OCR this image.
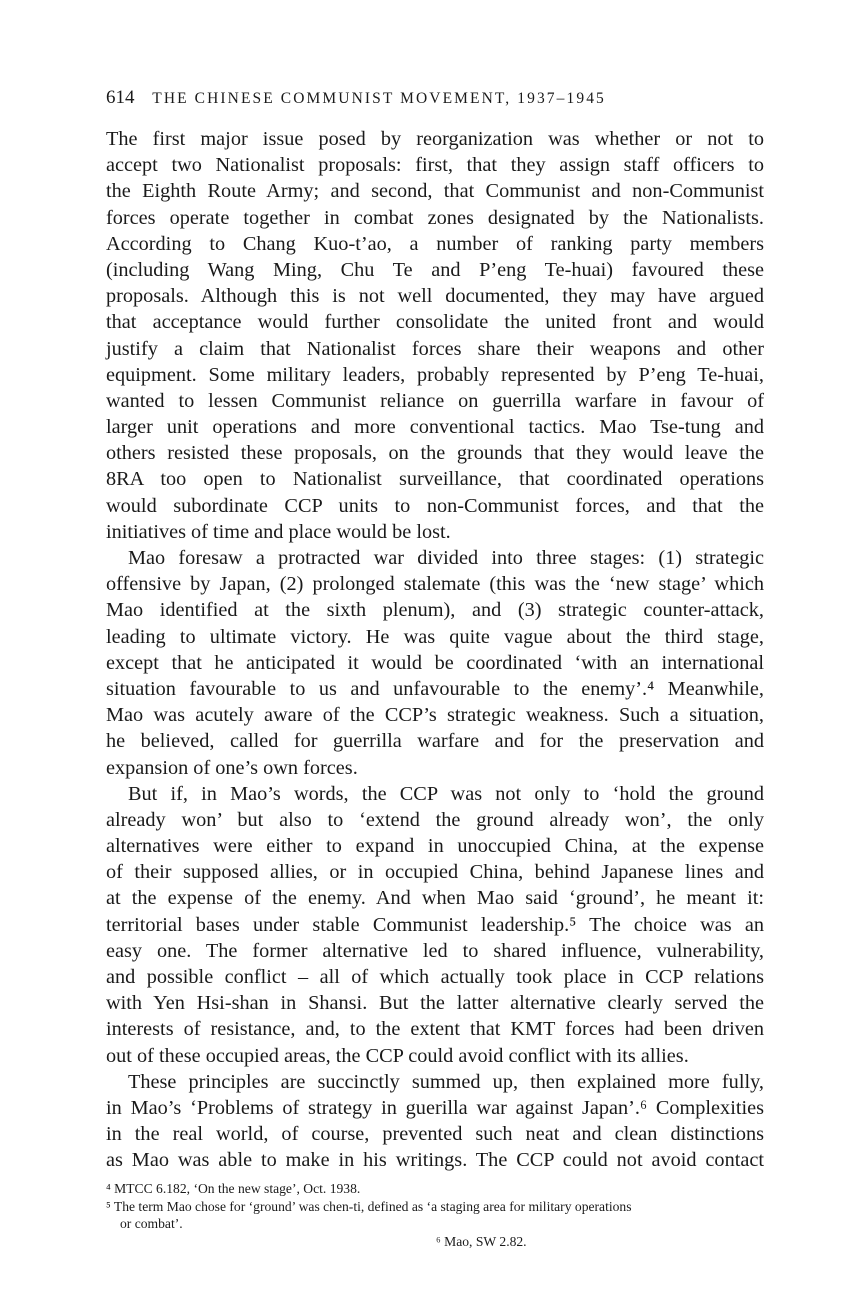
614 THE CHINESE COMMUNIST MOVEMENT, 1937–1945
The first major issue posed by reorganization was whether or not to
accept two Nationalist proposals: first, that they assign staff officers to
the Eighth Route Army; and second, that Communist and non-Communist
forces operate together in combat zones designated by the Nationalists.
According to Chang Kuo-t’ao, a number of ranking party members
(including Wang Ming, Chu Te and P’eng Te-huai) favoured these
proposals. Although this is not well documented, they may have argued
that acceptance would further consolidate the united front and would
justify a claim that Nationalist forces share their weapons and other
equipment. Some military leaders, probably represented by P’eng Te-huai,
wanted to lessen Communist reliance on guerrilla warfare in favour of
larger unit operations and more conventional tactics. Mao Tse-tung and
others resisted these proposals, on the grounds that they would leave the
8RA too open to Nationalist surveillance, that coordinated operations
would subordinate CCP units to non-Communist forces, and that the
initiatives of time and place would be lost.
Mao foresaw a protracted war divided into three stages: (1) strategic
offensive by Japan, (2) prolonged stalemate (this was the ‘new stage’ which
Mao identified at the sixth plenum), and (3) strategic counter-attack,
leading to ultimate victory. He was quite vague about the third stage,
except that he anticipated it would be coordinated ‘with an international
situation favourable to us and unfavourable to the enemy’.⁴ Meanwhile,
Mao was acutely aware of the CCP’s strategic weakness. Such a situation,
he believed, called for guerrilla warfare and for the preservation and
expansion of one’s own forces.
But if, in Mao’s words, the CCP was not only to ‘hold the ground
already won’ but also to ‘extend the ground already won’, the only
alternatives were either to expand in unoccupied China, at the expense
of their supposed allies, or in occupied China, behind Japanese lines and
at the expense of the enemy. And when Mao said ‘ground’, he meant it:
territorial bases under stable Communist leadership.⁵ The choice was an
easy one. The former alternative led to shared influence, vulnerability,
and possible conflict – all of which actually took place in CCP relations
with Yen Hsi-shan in Shansi. But the latter alternative clearly served the
interests of resistance, and, to the extent that KMT forces had been driven
out of these occupied areas, the CCP could avoid conflict with its allies.
These principles are succinctly summed up, then explained more fully,
in Mao’s ‘Problems of strategy in guerilla war against Japan’.⁶ Complexities
in the real world, of course, prevented such neat and clean distinctions
as Mao was able to make in his writings. The CCP could not avoid contact
⁴ MTCC 6.182, ‘On the new stage’, Oct. 1938.
⁵ The term Mao chose for ‘ground’ was chen-ti, defined as ‘a staging area for military operations
or combat’.
⁶ Mao, SW 2.82.
